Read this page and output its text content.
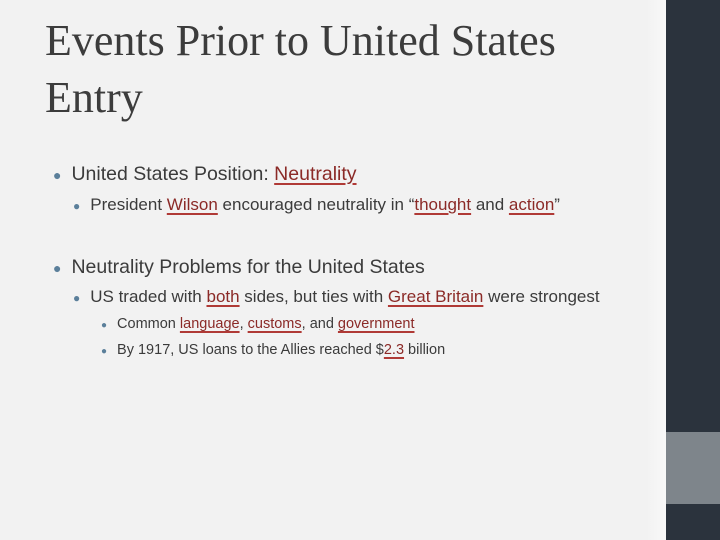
Events Prior to United States Entry
● United States Position: Neutrality
● President Wilson encouraged neutrality in “thought and action”
● Neutrality Problems for the United States
● US traded with both sides, but ties with Great Britain were strongest
● Common language, customs, and government
● By 1917, US loans to the Allies reached $2.3 billion
